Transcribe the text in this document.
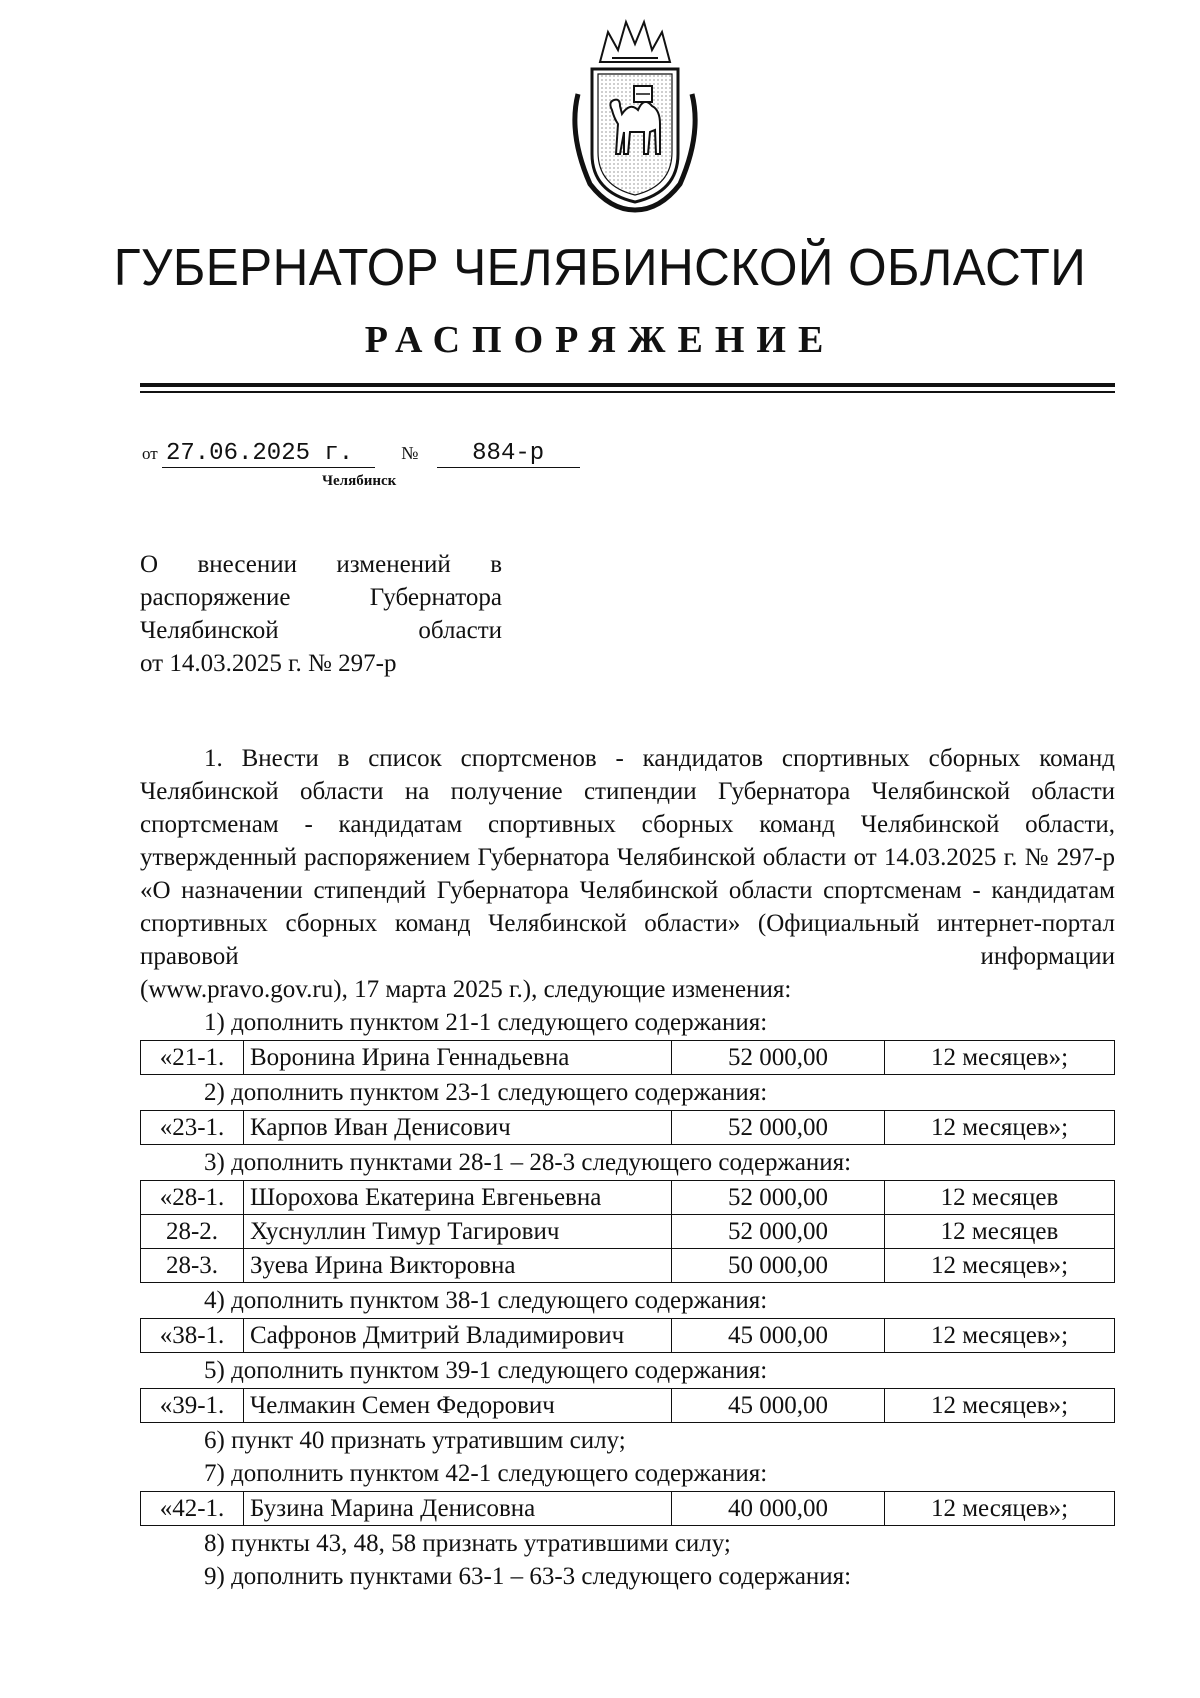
ГУБЕРНАТОР ЧЕЛЯБИНСКОЙ ОБЛАСТИ
РАСПОРЯЖЕНИЕ
от 27.06.2025 г.	№ 884-р
Челябинск
О внесении изменений в
распоряжение Губернатора
Челябинской области
от 14.03.2025 г. № 297-р

1. Внести в список спортсменов - кандидатов спортивных сборных команд Челябинской области на получение стипендии Губернатора Челябинской области спортсменам - кандидатам спортивных сборных команд Челябинской области, утвержденный распоряжением Губернатора Челябинской области от 14.03.2025 г. № 297-р «О назначении стипендий Губернатора Челябинской области спортсменам - кандидатам спортивных сборных команд Челябинской области» (Официальный интернет-портал правовой информации

(www.pravo.gov.ru), 17 марта 2025 г.), следующие изменения:

1) дополнить пунктом 21-1 следующего содержания:

«21-1.	Воронина Ирина Геннадьевна	52 000,00	12 месяцев»;

2) дополнить пунктом 23-1 следующего содержания:

«23-1.	Карпов Иван Денисович	52 000,00	12 месяцев»;

3) дополнить пунктами 28-1 – 28-3 следующего содержания:

«28-1.	Шорохова Екатерина Евгеньевна	52 000,00	12 месяцев
28-2.	Хуснуллин Тимур Тагирович	52 000,00	12 месяцев
28-3.	Зуева Ирина Викторовна	50 000,00	12 месяцев»;

4) дополнить пунктом 38-1 следующего содержания:

«38-1.	Сафронов Дмитрий Владимирович	45 000,00	12 месяцев»;

5) дополнить пунктом 39-1 следующего содержания:

«39-1.	Челмакин Семен Федорович	45 000,00	12 месяцев»;

6) пункт 40 признать утратившим силу;

7) дополнить пунктом 42-1 следующего содержания:

«42-1.	Бузина Марина Денисовна	40 000,00	12 месяцев»;

8) пункты 43, 48, 58 признать утратившими силу;

9) дополнить пунктами 63-1 – 63-3 следующего содержания:
